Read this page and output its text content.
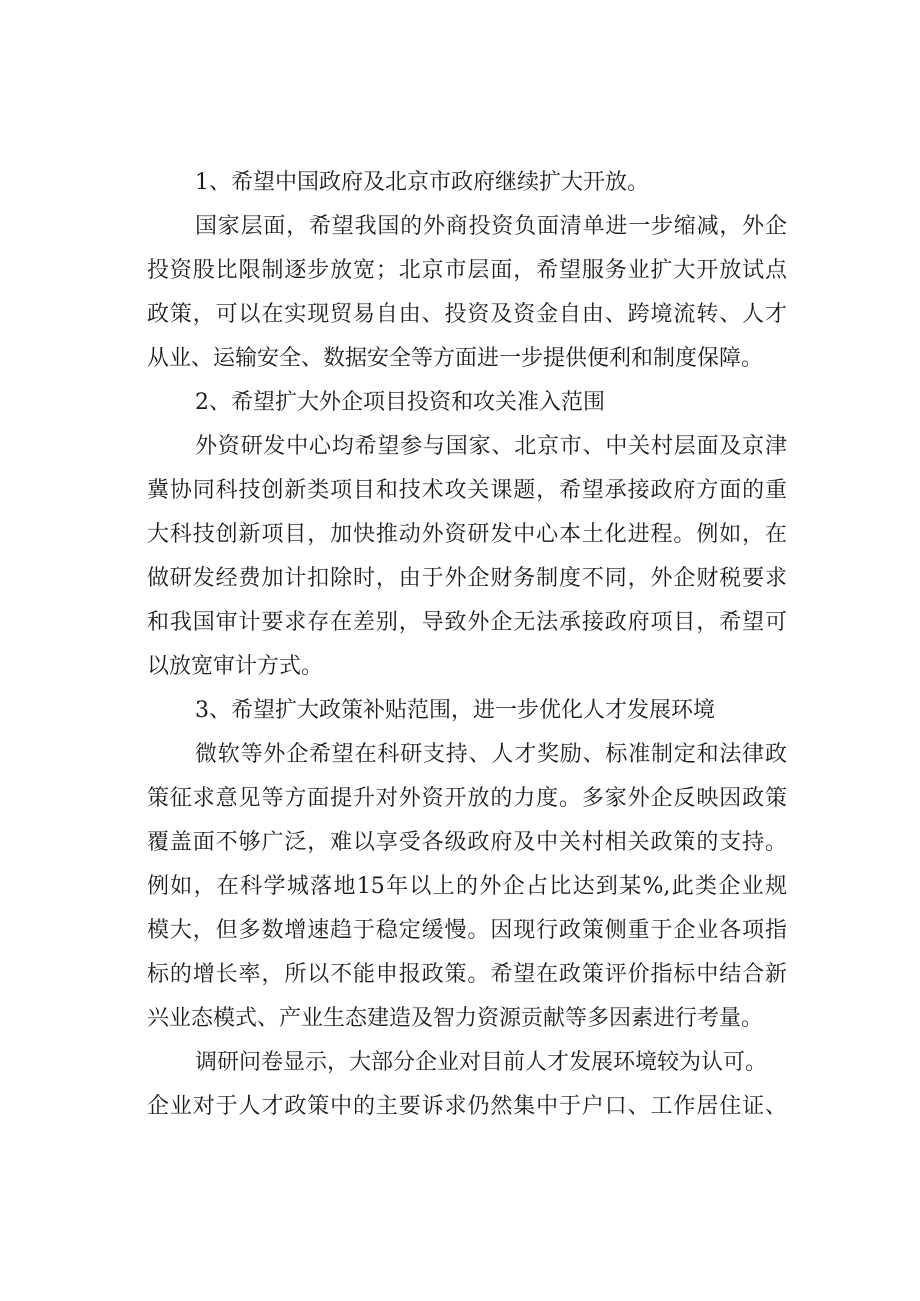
1、希望中国政府及北京市政府继续扩大开放。
国家层面，希望我国的外商投资负面清单进一步缩减，外企
投资股比限制逐步放宽；北京市层面，希望服务业扩大开放试点
政策，可以在实现贸易自由、投资及资金自由、跨境流转、人才
从业、运输安全、数据安全等方面进一步提供便利和制度保障。
2、希望扩大外企项目投资和攻关准入范围
外资研发中心均希望参与国家、北京市、中关村层面及京津
冀协同科技创新类项目和技术攻关课题，希望承接政府方面的重
大科技创新项目，加快推动外资研发中心本土化进程。例如，在
做研发经费加计扣除时，由于外企财务制度不同，外企财税要求
和我国审计要求存在差别，导致外企无法承接政府项目，希望可
以放宽审计方式。
3、希望扩大政策补贴范围，进一步优化人才发展环境
微软等外企希望在科研支持、人才奖励、标准制定和法律政
策征求意见等方面提升对外资开放的力度。多家外企反映因政策
覆盖面不够广泛，难以享受各级政府及中关村相关政策的支持。
例如，在科学城落地15年以上的外企占比达到某%,此类企业规
模大，但多数增速趋于稳定缓慢。因现行政策侧重于企业各项指
标的增长率，所以不能申报政策。希望在政策评价指标中结合新
兴业态模式、产业生态建造及智力资源贡献等多因素进行考量。
调研问卷显示，大部分企业对目前人才发展环境较为认可。
企业对于人才政策中的主要诉求仍然集中于户口、工作居住证、
